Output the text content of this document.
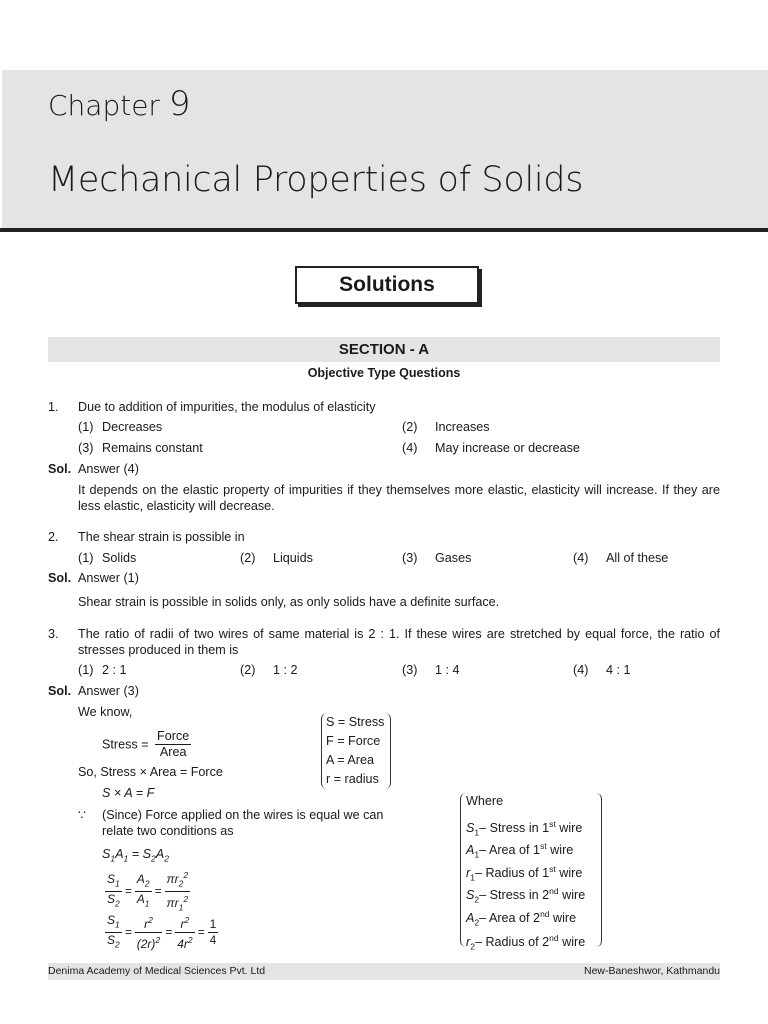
Chapter 9
Mechanical Properties of Solids
Solutions
SECTION - A
Objective Type Questions
1. Due to addition of impurities, the modulus of elasticity
(1) Decreases	(2) Increases
(3) Remains constant	(4) May increase or decrease
Sol. Answer (4)
It depends on the elastic property of impurities if they themselves more elastic, elasticity will increase. If they are less elastic, elasticity will decrease.
2. The shear strain is possible in
(1) Solids	(2) Liquids	(3) Gases	(4) All of these
Sol. Answer (1)
Shear strain is possible in solids only, as only solids have a definite surface.
3. The ratio of radii of two wires of same material is 2 : 1. If these wires are stretched by equal force, the ratio of stresses produced in them is
(1) 2 : 1	(2) 1 : 2	(3) 1 : 4	(4) 4 : 1
Sol. Answer (3)
We know,
Stress = $\frac{\text{Force}}{\text{Area}}$
S = Stress
F = Force
A = Area
r = radius
So, Stress × Area = Force
S × A = F
∵ (Since) Force applied on the wires is equal we can
relate two conditions as
$S_1A_1 = S_2A_2$
$\frac{S_1}{S_2} = \frac{A_2}{A_1} = \frac{\pi r_2^2}{\pi r_1^2}$
$\frac{S_1}{S_2} = \frac{r^2}{(2r)^2} = \frac{r^2}{4r^2} = \frac{1}{4}$
Where
$S_1-$ Stress in 1st wire
$A_1-$ Area of 1st wire
$r_1-$ Radius of 1st wire
$S_2-$ Stress in 2nd wire
$A_2-$ Area of 2nd wire
$r_2-$ Radius of 2nd wire
Denima Academy of Medical Sciences Pvt. Ltd	New-Baneshwor, Kathmandu
